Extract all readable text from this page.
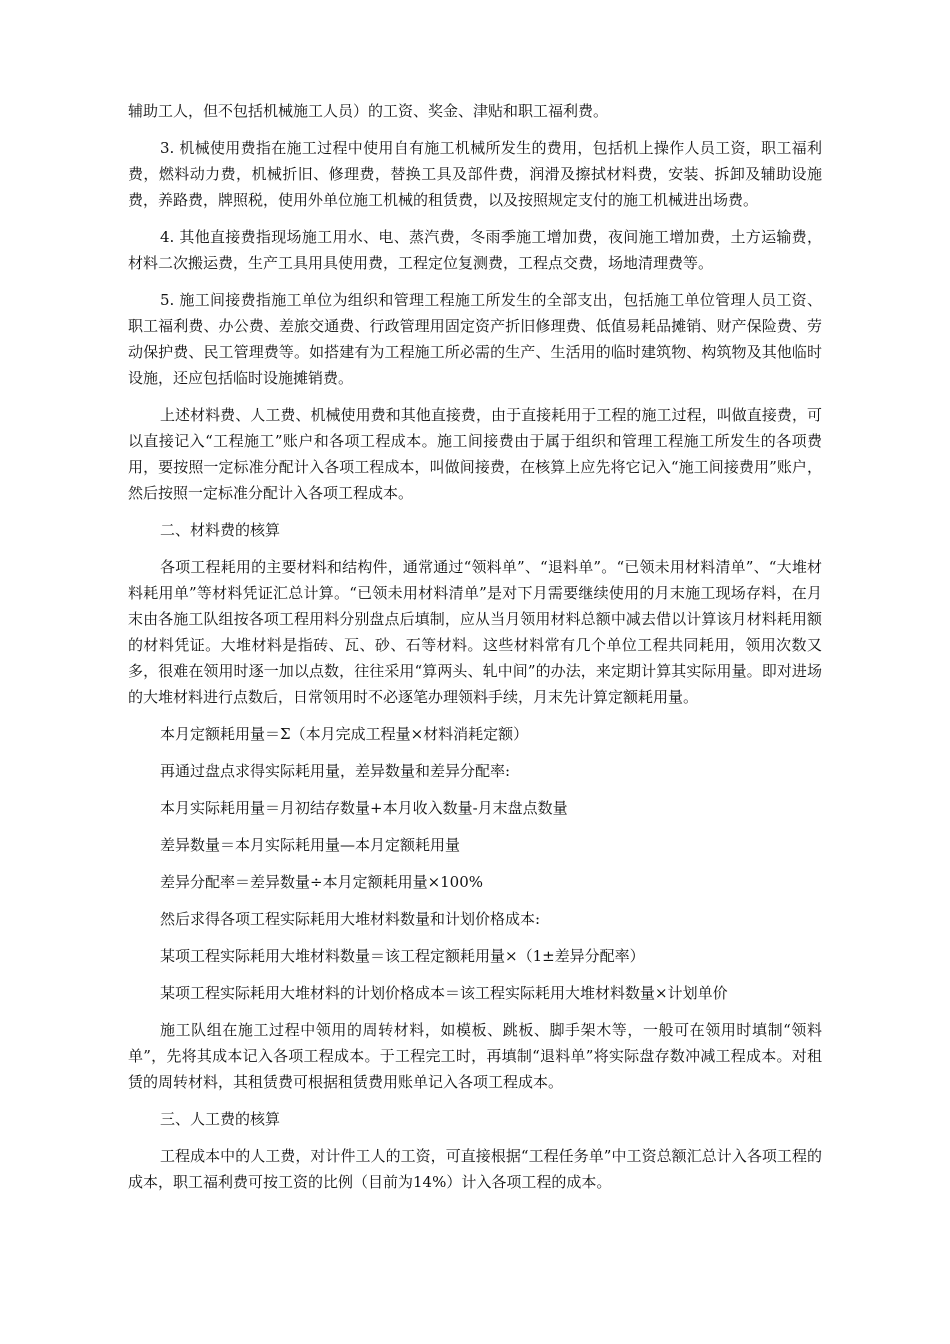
辅助工人，但不包括机械施工人员）的工资、奖金、津贴和职工福利费。

3. 机械使用费指在施工过程中使用自有施工机械所发生的费用，包括机上操作人员工资，职工福利费，燃料动力费，机械折旧、修理费，替换工具及部件费，润滑及擦拭材料费，安装、拆卸及辅助设施费，养路费，牌照税，使用外单位施工机械的租赁费，以及按照规定支付的施工机械进出场费。

4. 其他直接费指现场施工用水、电、蒸汽费，冬雨季施工增加费，夜间施工增加费，土方运输费，材料二次搬运费，生产工具用具使用费，工程定位复测费，工程点交费，场地清理费等。

5. 施工间接费指施工单位为组织和管理工程施工所发生的全部支出，包括施工单位管理人员工资、职工福利费、办公费、差旅交通费、行政管理用固定资产折旧修理费、低值易耗品摊销、财产保险费、劳动保护费、民工管理费等。如搭建有为工程施工所必需的生产、生活用的临时建筑物、构筑物及其他临时设施，还应包括临时设施摊销费。

上述材料费、人工费、机械使用费和其他直接费，由于直接耗用于工程的施工过程，叫做直接费，可以直接记入“工程施工”账户和各项工程成本。施工间接费由于属于组织和管理工程施工所发生的各项费用，要按照一定标准分配计入各项工程成本，叫做间接费，在核算上应先将它记入“施工间接费用”账户，然后按照一定标准分配计入各项工程成本。

二、材料费的核算

各项工程耗用的主要材料和结构件，通常通过“领料单”、“退料单”。“已领未用材料清单”、“大堆材料耗用单”等材料凭证汇总计算。“已领未用材料清单”是对下月需要继续使用的月末施工现场存料，在月末由各施工队组按各项工程用料分别盘点后填制，应从当月领用材料总额中减去借以计算该月材料耗用额的材料凭证。大堆材料是指砖、瓦、砂、石等材料。这些材料常有几个单位工程共同耗用，领用次数又多，很难在领用时逐一加以点数，往往采用“算两头、轧中间”的办法，来定期计算其实际用量。即对进场的大堆材料进行点数后，日常领用时不必逐笔办理领料手续，月末先计算定额耗用量。

本月定额耗用量＝Σ（本月完成工程量×材料消耗定额）

再通过盘点求得实际耗用量，差异数量和差异分配率:

本月实际耗用量＝月初结存数量+本月收入数量-月末盘点数量

差异数量＝本月实际耗用量—本月定额耗用量

差异分配率＝差异数量÷本月定额耗用量×100%

然后求得各项工程实际耗用大堆材料数量和计划价格成本:

某项工程实际耗用大堆材料数量＝该工程定额耗用量×（1±差异分配率）

某项工程实际耗用大堆材料的计划价格成本＝该工程实际耗用大堆材料数量×计划单价

施工队组在施工过程中领用的周转材料，如模板、跳板、脚手架木等，一般可在领用时填制“领料单”，先将其成本记入各项工程成本。于工程完工时，再填制“退料单”将实际盘存数冲减工程成本。对租赁的周转材料，其租赁费可根据租赁费用账单记入各项工程成本。

三、人工费的核算

工程成本中的人工费，对计件工人的工资，可直接根据“工程任务单”中工资总额汇总计入各项工程的成本，职工福利费可按工资的比例（目前为14%）计入各项工程的成本。
